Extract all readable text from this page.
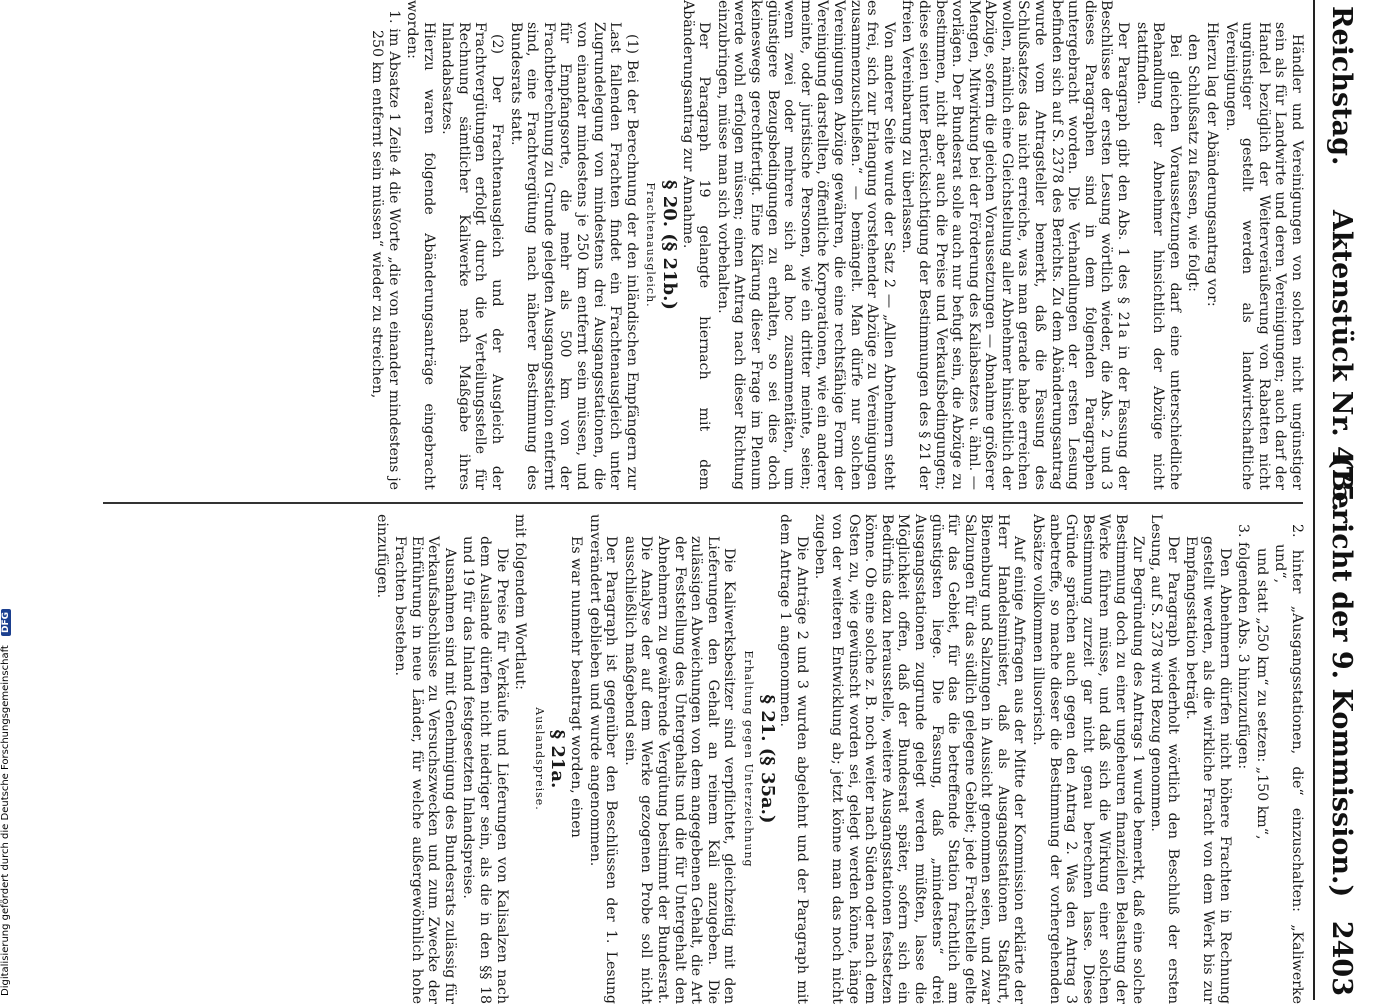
Reichstag.
Aktenstück Nr. 475.
(Bericht der 9. Kommission.)
2403

Händler und Vereinigungen von solchen nicht ungünstiger sein als für Landwirte und deren Vereinigungen; auch darf der Handel bezüglich der Weiterveräußerung von Rabatten nicht ungünstiger gestellt werden als landwirtschaftliche Vereinigungen.

Hierzu lag der Abänderungsantrag vor:

den Schlußsatz zu fassen, wie folgt:

Bei gleichen Voraussetzungen darf eine unterschiedliche Behandlung der Abnehmer hinsichtlich der Abzüge nicht stattfinden.

Der Paragraph gibt den Abs. 1 des § 21a in der Fassung der Beschlüsse der ersten Lesung wörtlich wieder, die Abs. 2 und 3 dieses Paragraphen sind in dem folgenden Paragraphen untergebracht worden. Die Verhandlungen der ersten Lesung befinden sich auf S. 2378 des Berichts. Zu dem Abänderungsantrag wurde vom Antragsteller bemerkt, daß die Fassung des Schlußsatzes das nicht erreiche, was man gerade habe erreichen wollen, nämlich eine Gleichstellung aller Abnehmer hinsichtlich der Abzüge, sofern die gleichen Voraussetzungen — Abnahme größerer Mengen, Mitwirkung bei der Förderung des Kaliabsatzes u. ähnl. — vorlägen. Der Bundesrat solle auch nur befugt sein, die Abzüge zu bestimmen, nicht aber auch die Preise und Verkaufsbedingungen; diese seien unter Berücksichtigung der Bestimmungen des § 21 der freien Vereinbarung zu überlassen.

Von anderer Seite wurde der Satz 2 — „Allen Abnehmern steht es frei, sich zur Erlangung vorstehender Abzüge zu Vereinigungen zusammenzuschließen.“ — bemängelt. Man dürfe nur solchen Vereinigungen Abzüge gewähren, die eine rechtsfähige Form der Vereinigung darstellten, öffentliche Korporationen, wie ein anderer meinte, oder juristische Personen, wie ein dritter meinte, seien; wenn zwei oder mehrere sich ad hoc zusammentäten, um günstigere Bezugsbedingungen zu erhalten, so sei dies doch keineswegs gerechtfertigt. Eine Klärung dieser Frage im Plenum werde wohl erfolgen müssen; einen Antrag nach dieser Richtung einzubringen, müsse man sich vorbehalten.

Der Paragraph 19 gelangte hiernach mit dem Abänderungsantrag zur Annahme.

§ 20. (§ 21b.)

Frachtenausgleich.

(1) Bei der Berechnung der den inländischen Empfängern zur Last fallenden Frachten findet ein Frachtenausgleich unter Zugrundelegung von mindestens drei Ausgangsstationen, die von einander mindestens je 250 km entfernt sein müssen, und für Empfangsorte, die mehr als 500 km von der Frachtberechnung zu Grunde gelegten Ausgangsstation entfernt sind, eine Frachtvergütung nach näherer Bestimmung des Bundesrats statt.

(2) Der Frachtenausgleich und der Ausgleich der Frachtvergütungen erfolgt durch die Verteilungsstelle für Rechnung sämtlicher Kaliwerke nach Maßgabe ihres Inlandabsatzes.

Hierzu waren folgende Abänderungsanträge eingebracht worden:

1. im Absatze 1 Zeile 4 die Worte „die von einander mindestens je 250 km entfernt sein müssen“ wieder zu streichen,

2. hinter „Ausgangsstationen, die“ einzuschalten: „Kaliwerke und“,

und statt „250 km“ zu setzen: „150 km“,

3. folgenden Abs. 3 hinzuzufügen:

Den Abnehmern dürfen nicht höhere Frachten in Rechnung gestellt werden, als die wirkliche Fracht von dem Werk bis zur Empfangsstation beträgt.

Der Paragraph wiederholt wörtlich den Beschluß der ersten Lesung, auf S. 2378 wird Bezug genommen.

Zur Begründung des Antrags 1 wurde bemerkt, daß eine solche Bestimmung doch zu einer ungeheuren finanziellen Belastung der Werke führen müsse, und daß sich die Wirkung einer solchen Bestimmung zurzeit gar nicht genau berechnen lasse. Diese Gründe sprächen auch gegen den Antrag 2. Was den Antrag 3 anbetreffe, so mache dieser die Bestimmung der vorhergehenden Absätze vollkommen illusorisch.

Auf einige Anfragen aus der Mitte der Kommission erklärte der Herr Handelsminister, daß als Ausgangsstationen Staßfurt, Bienenburg und Salzungen in Aussicht genommen seien, und zwar Salzungen für das südlich gelegene Gebiet; jede Frachtstelle gelte für das Gebiet, für das die betreffende Station frachtlich am günstigsten liege. Die Fassung, daß „mindestens“ drei Ausgangsstationen zugrunde gelegt werden müßten, lasse die Möglichkeit offen, daß der Bundesrat später, sofern sich ein Bedürfnis dazu herausstelle, weitere Ausgangsstationen festsetzen könne. Ob eine solche z. B. noch weiter nach Süden oder nach dem Osten zu, wie gewünscht worden sei, gelegt werden könne, hänge von der weiteren Entwicklung ab; jetzt könne man das noch nicht zugeben.

Die Anträge 2 und 3 wurden abgelehnt und der Paragraph mit dem Antrage 1 angenommen.

§ 21. (§ 35a.)

Erhaltung gegen Unterzeichnung

Die Kaliwerksbesitzer sind verpflichtet, gleichzeitig mit den Lieferungen den Gehalt an reinem Kali anzugeben. Die zulässigen Abweichungen von dem angegebenen Gehalt, die Art der Feststellung des Untergehalts und die für Untergehalt den Abnehmern zu gewährende Vergütung bestimmt der Bundesrat. Die Analyse der auf dem Werke gezogenen Probe soll nicht ausschließlich maßgebend sein.

Der Paragraph ist gegenüber den Beschlüssen der 1. Lesung unverändert geblieben und wurde angenommen.

Es war nunmehr beantragt worden, einen

§ 21a.

Auslandspreise.

mit folgendem Wortlaut:

Die Preise für Verkäufe und Lieferungen von Kalisalzen nach dem Auslande dürfen nicht niedriger sein, als die in den §§ 18 und 19 für das Inland festgesetzten Inlandspreise.

Ausnahmen sind mit Genehmigung des Bundesrats zulässig für Verkaufsabschlüsse zu Versuchszwecken und zum Zwecke der Einführung in neue Länder, für welche außergewöhnlich hohe Frachten bestehen.

einzufügen.

Digitalisierung gefördert durch die Deutsche Forschungsgemeinschaft DFG
